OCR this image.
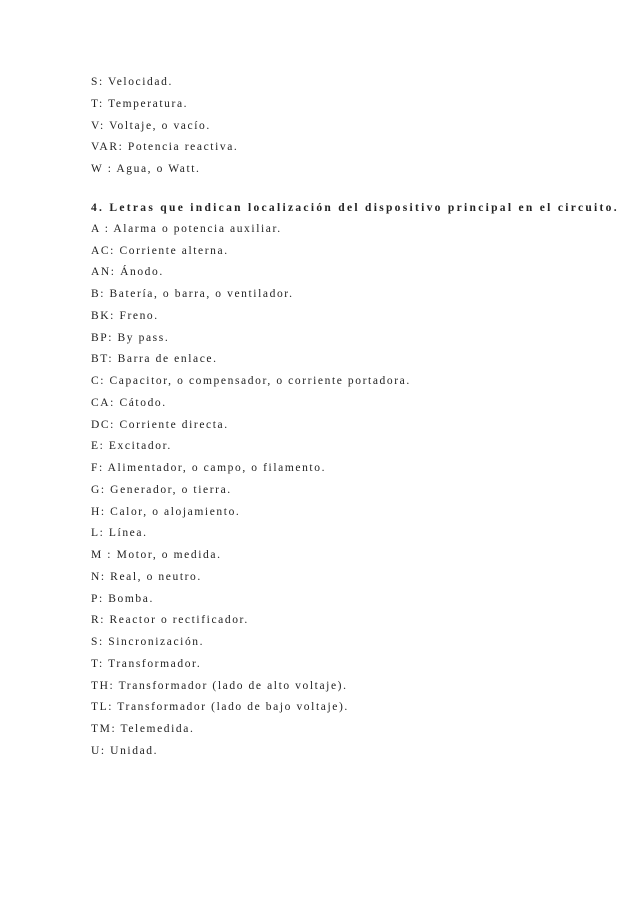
S: Velocidad.
T: Temperatura.
V: Voltaje, o vacío.
VAR: Potencia reactiva.
W : Agua, o Watt.
4. Letras que indican localización del dispositivo principal en el circuito.
A : Alarma o potencia auxiliar.
AC: Corriente alterna.
AN: Ánodo.
B: Batería, o barra, o ventilador.
BK: Freno.
BP: By pass.
BT: Barra de enlace.
C: Capacitor, o compensador, o corriente portadora.
CA: Cátodo.
DC: Corriente directa.
E: Excitador.
F: Alimentador, o campo, o filamento.
G: Generador, o tierra.
H: Calor, o alojamiento.
L: Línea.
M : Motor, o medida.
N: Real, o neutro.
P: Bomba.
R: Reactor o rectificador.
S: Sincronización.
T: Transformador.
TH: Transformador (lado de alto voltaje).
TL: Transformador (lado de bajo voltaje).
TM: Telemedida.
U: Unidad.
